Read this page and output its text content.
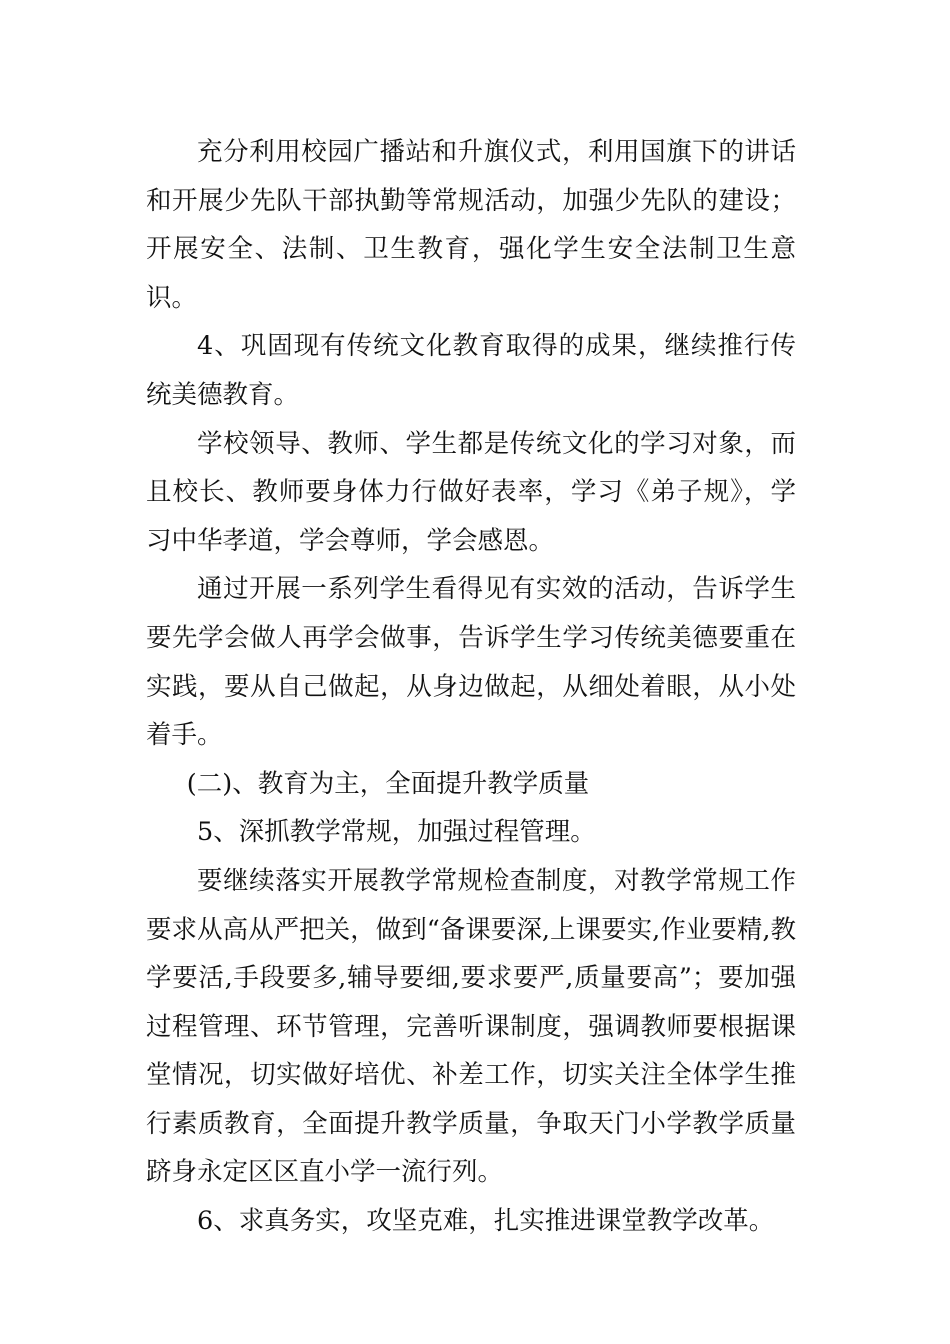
充分利用校园广播站和升旗仪式，利用国旗下的讲话和开展少先队干部执勤等常规活动，加强少先队的建设；开展安全、法制、卫生教育，强化学生安全法制卫生意识。

4、巩固现有传统文化教育取得的成果，继续推行传统美德教育。

学校领导、教师、学生都是传统文化的学习对象，而且校长、教师要身体力行做好表率，学习《弟子规》，学习中华孝道，学会尊师，学会感恩。

通过开展一系列学生看得见有实效的活动，告诉学生要先学会做人再学会做事，告诉学生学习传统美德要重在实践，要从自己做起，从身边做起，从细处着眼，从小处着手。

(二)、教育为主，全面提升教学质量

5、深抓教学常规，加强过程管理。

要继续落实开展教学常规检查制度，对教学常规工作要求从高从严把关，做到“备课要深,上课要实,作业要精,教学要活,手段要多,辅导要细,要求要严,质量要高”；要加强过程管理、环节管理，完善听课制度，强调教师要根据课堂情况，切实做好培优、补差工作，切实关注全体学生推行素质教育，全面提升教学质量，争取天门小学教学质量跻身永定区区直小学一流行列。

6、求真务实，攻坚克难，扎实推进课堂教学改革。
